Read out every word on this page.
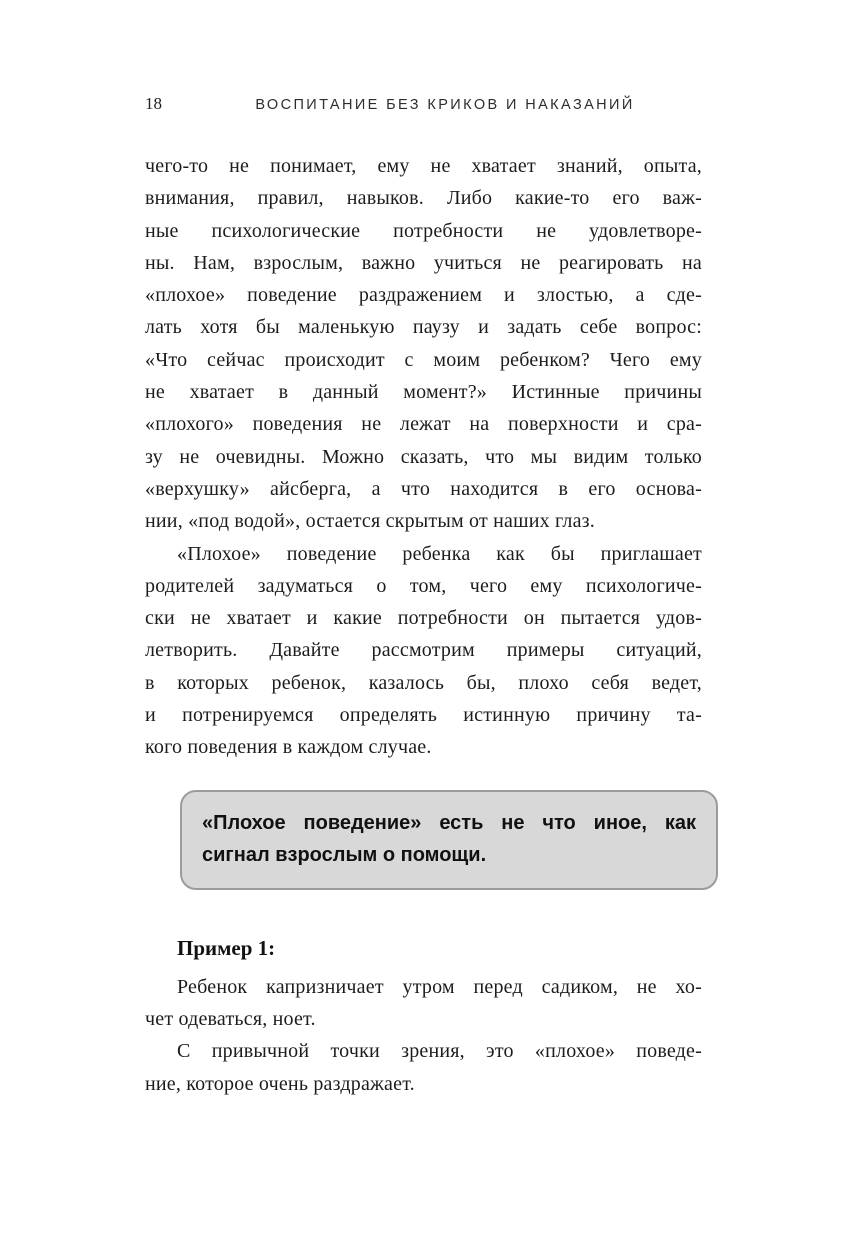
18	ВОСПИТАНИЕ БЕЗ КРИКОВ И НАКАЗАНИЙ
чего-то не понимает, ему не хватает знаний, опыта,
внимания, правил, навыков. Либо какие-то его важ-
ные психологические потребности не удовлетворе-
ны. Нам, взрослым, важно учиться не реагировать на
«плохое» поведение раздражением и злостью, а сде-
лать хотя бы маленькую паузу и задать себе вопрос:
«Что сейчас происходит с моим ребенком? Чего ему
не хватает в данный момент?» Истинные причины
«плохого» поведения не лежат на поверхности и сра-
зу не очевидны. Можно сказать, что мы видим только
«верхушку» айсберга, а что находится в его основа-
нии, «под водой», остается скрытым от наших глаз.
«Плохое» поведение ребенка как бы приглашает
родителей задуматься о том, чего ему психологиче-
ски не хватает и какие потребности он пытается удов-
летворить. Давайте рассмотрим примеры ситуаций,
в которых ребенок, казалось бы, плохо себя ведет,
и потренируемся определять истинную причину та-
кого поведения в каждом случае.
«Плохое поведение» есть не что иное, как
сигнал взрослым о помощи.
Пример 1:
Ребенок капризничает утром перед садиком, не хо-
чет одеваться, ноет.
С привычной точки зрения, это «плохое» поведе-
ние, которое очень раздражает.
